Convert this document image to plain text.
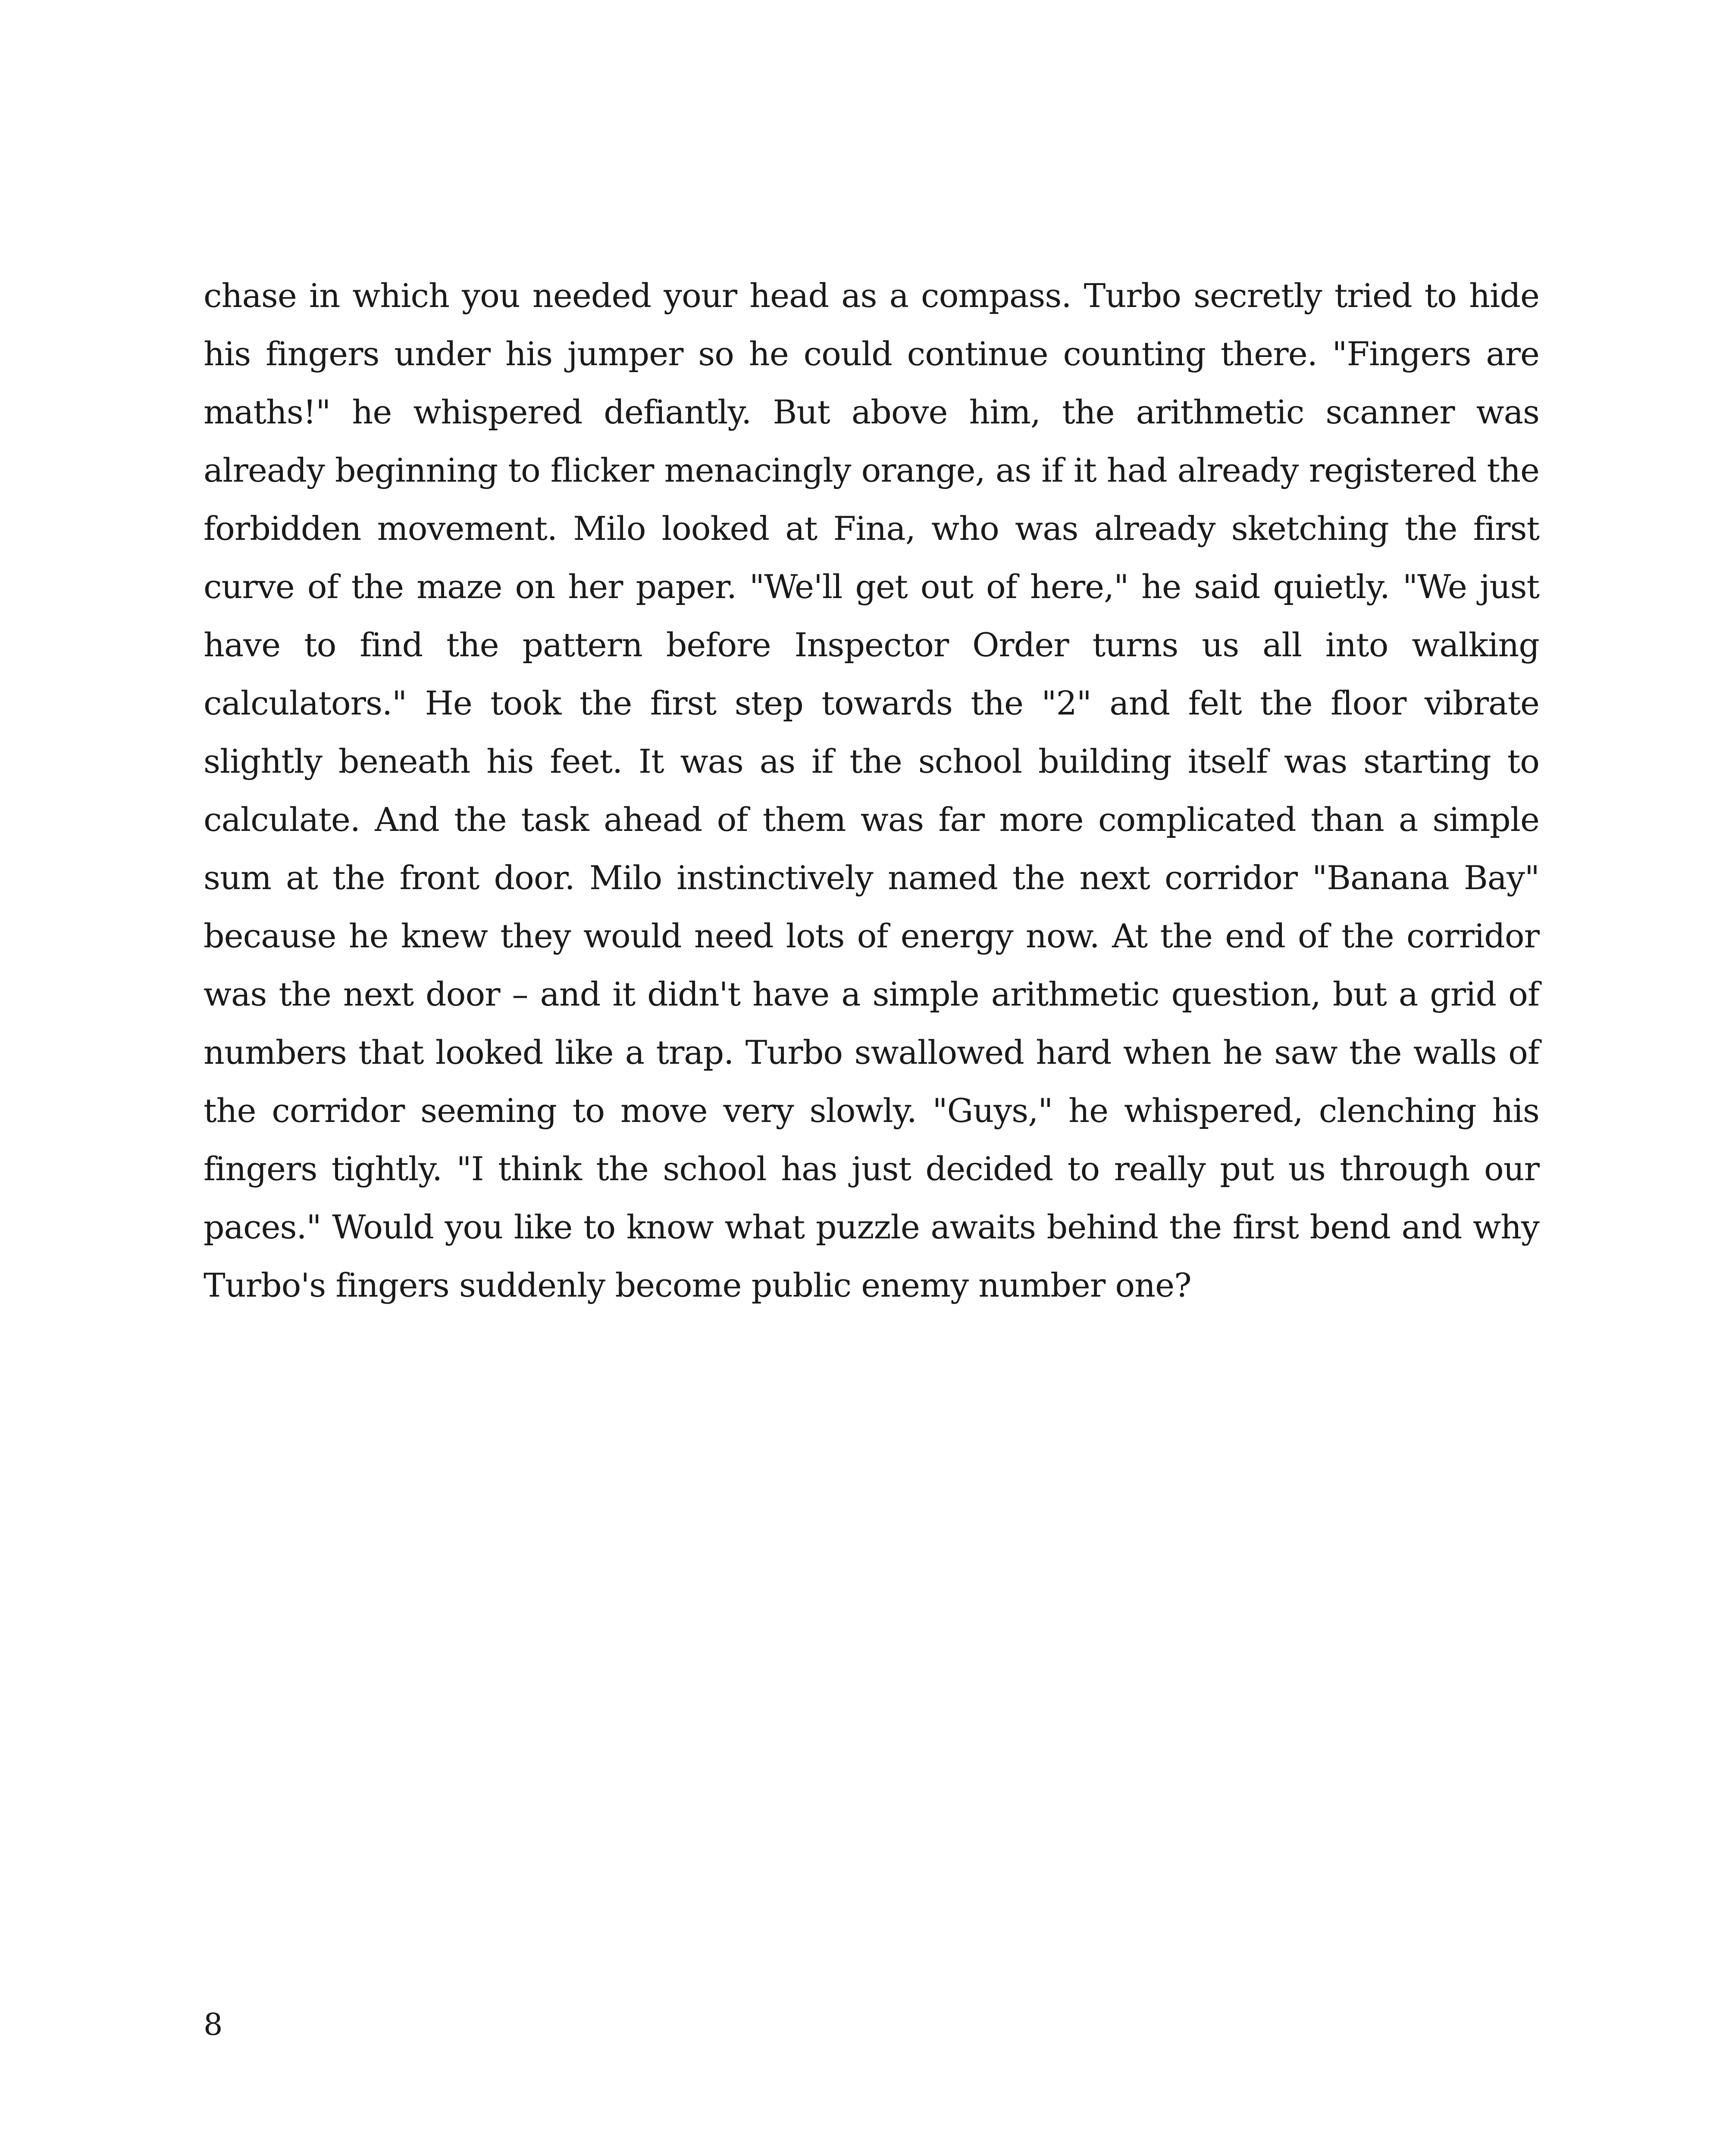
chase in which you needed your head as a compass. Turbo secretly tried to hide his fingers under his jumper so he could continue counting there. "Fingers are maths!" he whispered defiantly. But above him, the arithmetic scanner was already beginning to flicker menacingly orange, as if it had already registered the forbidden movement. Milo looked at Fina, who was already sketching the first curve of the maze on her paper. "We'll get out of here," he said quietly. "We just have to find the pattern before Inspector Order turns us all into walking calculators." He took the first step towards the "2" and felt the floor vibrate slightly beneath his feet. It was as if the school building itself was starting to calculate. And the task ahead of them was far more complicated than a simple sum at the front door. Milo instinctively named the next corridor "Banana Bay" because he knew they would need lots of energy now. At the end of the corridor was the next door – and it didn't have a simple arithmetic question, but a grid of numbers that looked like a trap. Turbo swallowed hard when he saw the walls of the corridor seeming to move very slowly. "Guys," he whispered, clenching his fingers tightly. "I think the school has just decided to really put us through our paces." Would you like to know what puzzle awaits behind the first bend and why Turbo's fingers suddenly become public enemy number one?

8
